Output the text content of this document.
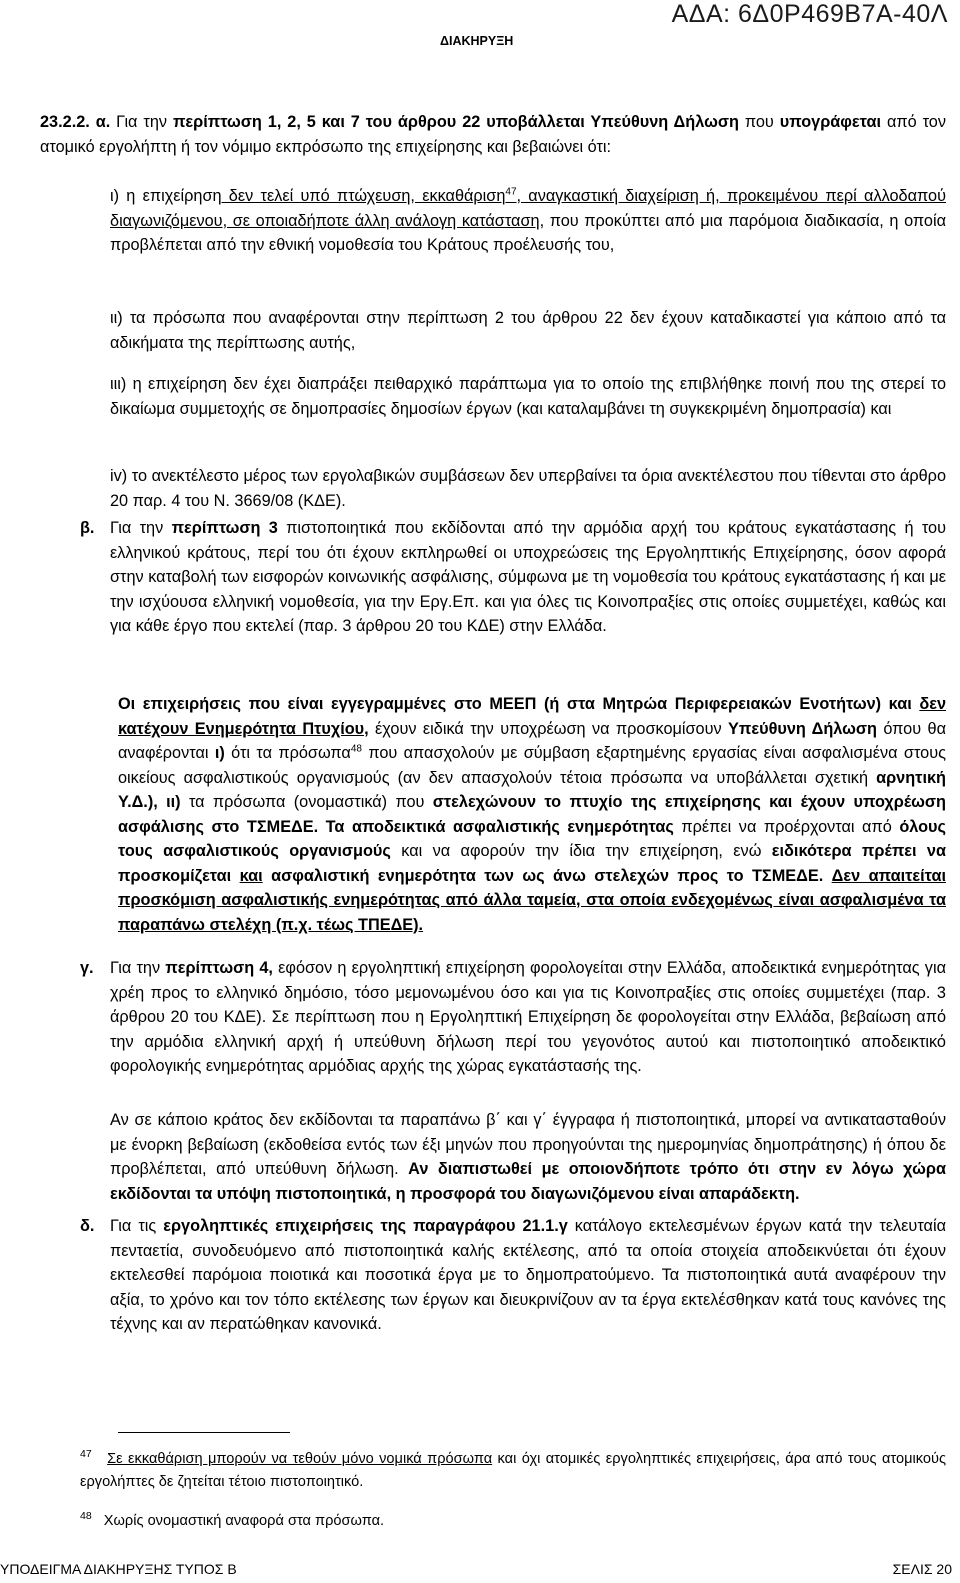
ΑΔΑ: 6Δ0Ρ469Β7Α-40Λ
ΔΙΑΚΗΡΥΞΗ
23.2.2. α. Για την περίπτωση 1, 2, 5 και 7 του άρθρου 22 υποβάλλεται Υπεύθυνη Δήλωση που υπογράφεται από τον ατομικό εργολήπτη ή τον νόμιμο εκπρόσωπο της επιχείρησης και βεβαιώνει ότι:
ι) η επιχείρηση δεν τελεί υπό πτώχευση, εκκαθάριση$^{47}$, αναγκαστική διαχείριση ή, προκειμένου περί αλλοδαπού διαγωνιζόμενου, σε οποιαδήποτε άλλη ανάλογη κατάσταση, που προκύπτει από μια παρόμοια διαδικασία, η οποία προβλέπεται από την εθνική νομοθεσία του Κράτους προέλευσής του,
ιι) τα πρόσωπα που αναφέρονται στην περίπτωση 2 του άρθρου 22 δεν έχουν καταδικαστεί για κάποιο από τα αδικήματα της περίπτωσης αυτής,
ιιι) η επιχείρηση δεν έχει διαπράξει πειθαρχικό παράπτωμα για το οποίο της επιβλήθηκε ποινή που της στερεί το δικαίωμα συμμετοχής σε δημοπρασίες δημοσίων έργων (και καταλαμβάνει τη συγκεκριμένη δημοπρασία) και
iv) το ανεκτέλεστο μέρος των εργολαβικών συμβάσεων δεν υπερβαίνει τα όρια ανεκτέλεστου που τίθενται στο άρθρο 20 παρ. 4 του Ν. 3669/08 (ΚΔΕ).
β. Για την περίπτωση 3 πιστοποιητικά που εκδίδονται από την αρμόδια αρχή του κράτους εγκατάστασης ή του ελληνικού κράτους, περί του ότι έχουν εκπληρωθεί οι υποχρεώσεις της Εργοληπτικής Επιχείρησης, όσον αφορά στην καταβολή των εισφορών κοινωνικής ασφάλισης, σύμφωνα με τη νομοθεσία του κράτους εγκατάστασης ή και με την ισχύουσα ελληνική νομοθεσία, για την Εργ.Επ. και για όλες τις Κοινοπραξίες στις οποίες συμμετέχει, καθώς και για κάθε έργο που εκτελεί (παρ. 3 άρθρου 20 του ΚΔΕ) στην Ελλάδα.
Οι επιχειρήσεις που είναι εγγεγραμμένες στο ΜΕΕΠ (ή στα Μητρώα Περιφερειακών Ενοτήτων) και δεν κατέχουν Ενημερότητα Πτυχίου, έχουν ειδικά την υποχρέωση να προσκομίσουν Υπεύθυνη Δήλωση όπου θα αναφέρονται ι) ότι τα πρόσωπα$^{48}$ που απασχολούν με σύμβαση εξαρτημένης εργασίας είναι ασφαλισμένα στους οικείους ασφαλιστικούς οργανισμούς (αν δεν απασχολούν τέτοια πρόσωπα να υποβάλλεται σχετική αρνητική Υ.Δ.), ιι) τα πρόσωπα (ονομαστικά) που στελεχώνουν το πτυχίο της επιχείρησης και έχουν υποχρέωση ασφάλισης στο ΤΣΜΕΔΕ. Τα αποδεικτικά ασφαλιστικής ενημερότητας πρέπει να προέρχονται από όλους τους ασφαλιστικούς οργανισμούς και να αφορούν την ίδια την επιχείρηση, ενώ ειδικότερα πρέπει να προσκομίζεται και ασφαλιστική ενημερότητα των ως άνω στελεχών προς το ΤΣΜΕΔΕ. Δεν απαιτείται προσκόμιση ασφαλιστικής ενημερότητας από άλλα ταμεία, στα οποία ενδεχομένως είναι ασφαλισμένα τα παραπάνω στελέχη (π.χ. τέως ΤΠΕΔΕ).
γ. Για την περίπτωση 4, εφόσον η εργοληπτική επιχείρηση φορολογείται στην Ελλάδα, αποδεικτικά ενημερότητας για χρέη προς το ελληνικό δημόσιο, τόσο μεμονωμένου όσο και για τις Κοινοπραξίες στις οποίες συμμετέχει (παρ. 3 άρθρου 20 του ΚΔΕ). Σε περίπτωση που η Εργοληπτική Επιχείρηση δε φορολογείται στην Ελλάδα, βεβαίωση από την αρμόδια ελληνική αρχή ή υπεύθυνη δήλωση περί του γεγονότος αυτού και πιστοποιητικό αποδεικτικό φορολογικής ενημερότητας αρμόδιας αρχής της χώρας εγκατάστασής της.
Αν σε κάποιο κράτος δεν εκδίδονται τα παραπάνω β΄ και γ΄ έγγραφα ή πιστοποιητικά, μπορεί να αντικατασταθούν με ένορκη βεβαίωση (εκδοθείσα εντός των έξι μηνών που προηγούνται της ημερομηνίας δημοπράτησης) ή όπου δε προβλέπεται, από υπεύθυνη δήλωση. Αν διαπιστωθεί με οποιονδήποτε τρόπο ότι στην εν λόγω χώρα εκδίδονται τα υπόψη πιστοποιητικά, η προσφορά του διαγωνιζόμενου είναι απαράδεκτη.
δ. Για τις εργοληπτικές επιχειρήσεις της παραγράφου 21.1.γ κατάλογο εκτελεσμένων έργων κατά την τελευταία πενταετία, συνοδευόμενο από πιστοποιητικά καλής εκτέλεσης, από τα οποία στοιχεία αποδεικνύεται ότι έχουν εκτελεσθεί παρόμοια ποιοτικά και ποσοτικά έργα με το δημοπρατούμενο. Τα πιστοποιητικά αυτά αναφέρουν την αξία, το χρόνο και τον τόπο εκτέλεσης των έργων και διευκρινίζουν αν τα έργα εκτελέσθηκαν κατά τους κανόνες της τέχνης και αν περατώθηκαν κανονικά.
$^{47}$ Σε εκκαθάριση μπορούν να τεθούν μόνο νομικά πρόσωπα και όχι ατομικές εργοληπτικές επιχειρήσεις, άρα από τους ατομικούς εργολήπτες δε ζητείται τέτοιο πιστοποιητικό.
$^{48}$  Χωρίς ονομαστική αναφορά στα πρόσωπα.
ΥΠΟΔΕΙΓΜΑ ΔΙΑΚΗΡΥΞΗΣ ΤΥΠΟΣ Β	ΣΕΛΙΣ 20
